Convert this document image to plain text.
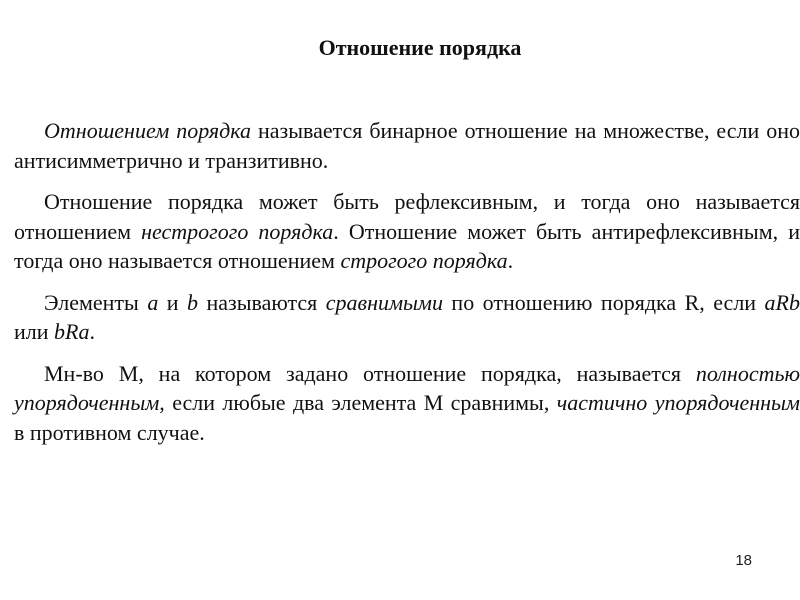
Отношение порядка

Отношением порядка называется бинарное отношение на множестве, если оно антисимметрично и транзитивно.

Отношение порядка может быть рефлексивным, и тогда оно называется отношением нестрогого порядка. Отношение может быть антирефлексивным, и тогда оно называется отношением строгого порядка.

Элементы a и b называются сравнимыми по отношению порядка R, если aRb или bRa.

Мн-во М, на котором задано отношение порядка, называется полностью упорядоченным, если любые два элемента М сравнимы, частично упорядоченным в противном случае.

18
